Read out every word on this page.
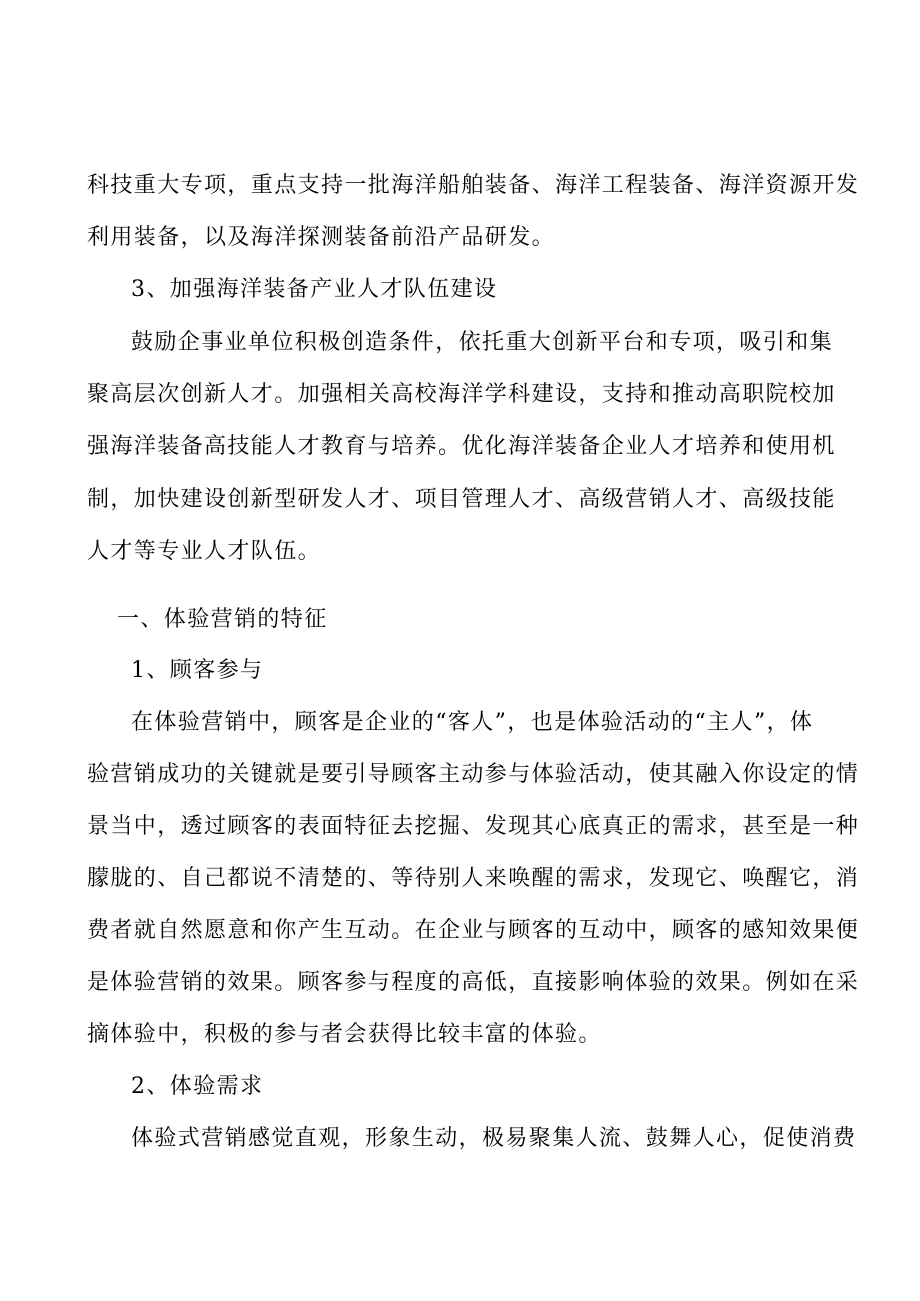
科技重大专项，重点支持一批海洋船舶装备、海洋工程装备、海洋资源开发
利用装备，以及海洋探测装备前沿产品研发。
3、加强海洋装备产业人才队伍建设
鼓励企事业单位积极创造条件，依托重大创新平台和专项，吸引和集
聚高层次创新人才。加强相关高校海洋学科建设，支持和推动高职院校加
强海洋装备高技能人才教育与培养。优化海洋装备企业人才培养和使用机
制，加快建设创新型研发人才、项目管理人才、高级营销人才、高级技能
人才等专业人才队伍。
一、体验营销的特征
1、顾客参与
在体验营销中，顾客是企业的“客人”，也是体验活动的“主人”，体
验营销成功的关键就是要引导顾客主动参与体验活动，使其融入你设定的情
景当中，透过顾客的表面特征去挖掘、发现其心底真正的需求，甚至是一种
朦胧的、自己都说不清楚的、等待别人来唤醒的需求，发现它、唤醒它，消
费者就自然愿意和你产生互动。在企业与顾客的互动中，顾客的感知效果便
是体验营销的效果。顾客参与程度的高低，直接影响体验的效果。例如在采
摘体验中，积极的参与者会获得比较丰富的体验。
2、体验需求
体验式营销感觉直观，形象生动，极易聚集人流、鼓舞人心，促使消费
